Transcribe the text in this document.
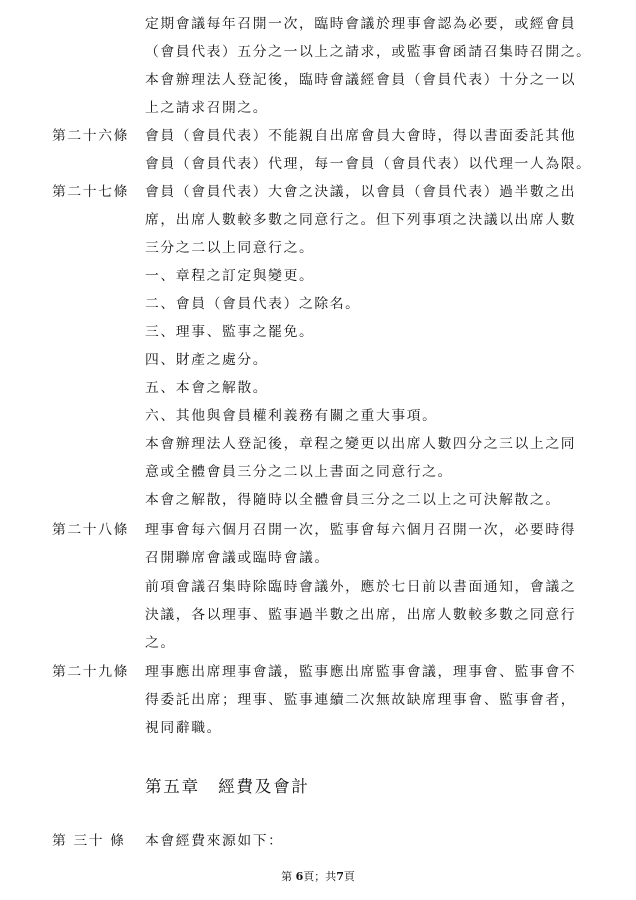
定期會議每年召開一次，臨時會議於理事會認為必要，或經會員
（會員代表）五分之一以上之請求，或監事會函請召集時召開之。
本會辦理法人登記後，臨時會議經會員（會員代表）十分之一以
上之請求召開之。
第二十六條 會員（會員代表）不能親自出席會員大會時，得以書面委託其他
會員（會員代表）代理，每一會員（會員代表）以代理一人為限。
第二十七條 會員（會員代表）大會之決議，以會員（會員代表）過半數之出
席，出席人數較多數之同意行之。但下列事項之決議以出席人數
三分之二以上同意行之。
一、章程之訂定與變更。
二、會員（會員代表）之除名。
三、理事、監事之罷免。
四、財產之處分。
五、本會之解散。
六、其他與會員權利義務有關之重大事項。
本會辦理法人登記後，章程之變更以出席人數四分之三以上之同
意或全體會員三分之二以上書面之同意行之。
本會之解散，得隨時以全體會員三分之二以上之可決解散之。
第二十八條 理事會每六個月召開一次，監事會每六個月召開一次，必要時得
召開聯席會議或臨時會議。
前項會議召集時除臨時會議外，應於七日前以書面通知，會議之
決議，各以理事、監事過半數之出席，出席人數較多數之同意行
之。
第二十九條 理事應出席理事會議，監事應出席監事會議，理事會、監事會不
得委託出席；理事、監事連續二次無故缺席理事會、監事會者，
視同辭職。
第五章　經費及會計
第 三十 條 本會經費來源如下：
第 6頁；共7頁
